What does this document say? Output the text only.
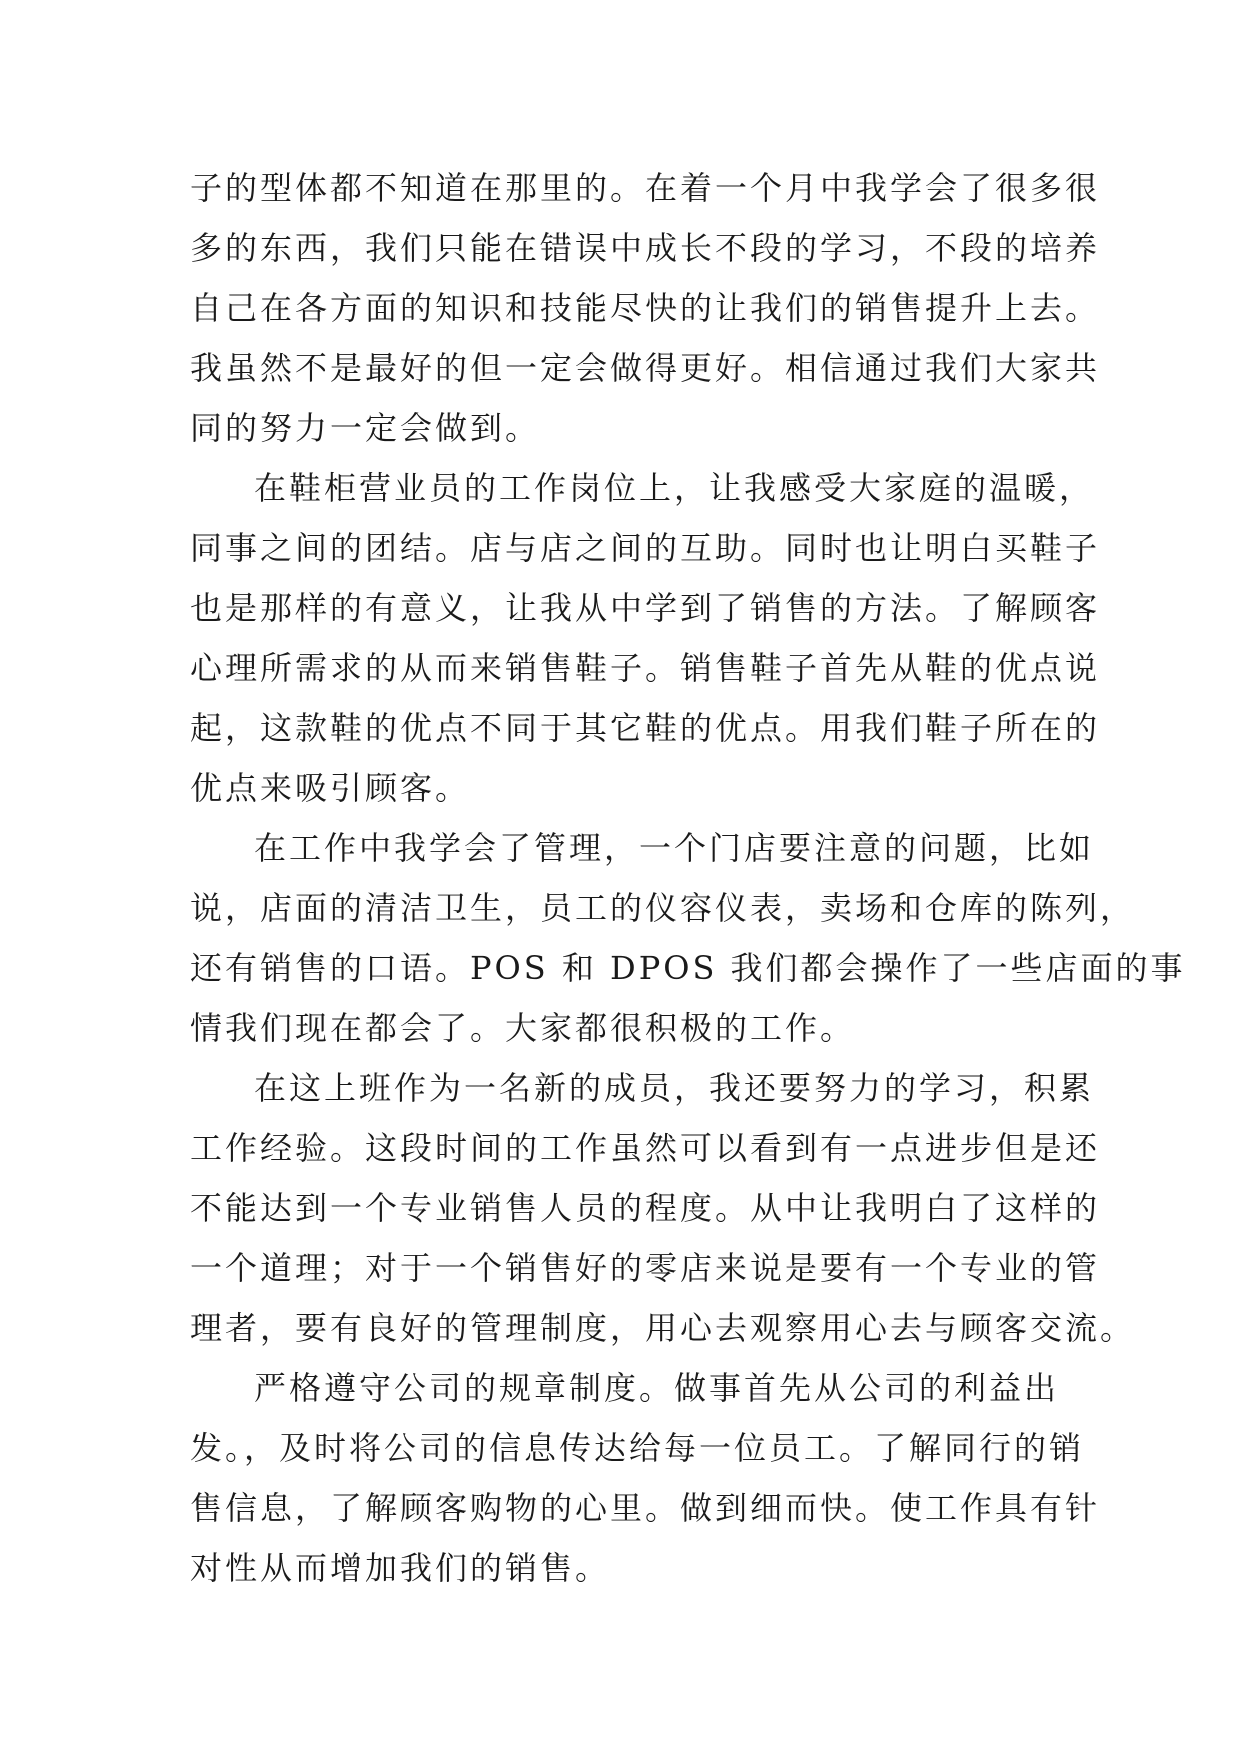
子的型体都不知道在那里的。在着一个月中我学会了很多很
多的东西，我们只能在错误中成长不段的学习，不段的培养
自己在各方面的知识和技能尽快的让我们的销售提升上去。
我虽然不是最好的但一定会做得更好。相信通过我们大家共
同的努力一定会做到。
在鞋柜营业员的工作岗位上，让我感受大家庭的温暖，
同事之间的团结。店与店之间的互助。同时也让明白买鞋子
也是那样的有意义，让我从中学到了销售的方法。了解顾客
心理所需求的从而来销售鞋子。销售鞋子首先从鞋的优点说
起，这款鞋的优点不同于其它鞋的优点。用我们鞋子所在的
优点来吸引顾客。
在工作中我学会了管理，一个门店要注意的问题，比如
说，店面的清洁卫生，员工的仪容仪表，卖场和仓库的陈列，
还有销售的口语。POS 和 DPOS 我们都会操作了一些店面的事
情我们现在都会了。大家都很积极的工作。
在这上班作为一名新的成员，我还要努力的学习，积累
工作经验。这段时间的工作虽然可以看到有一点进步但是还
不能达到一个专业销售人员的程度。从中让我明白了这样的
一个道理；对于一个销售好的零店来说是要有一个专业的管
理者，要有良好的管理制度，用心去观察用心去与顾客交流。
严格遵守公司的规章制度。做事首先从公司的利益出
发。，及时将公司的信息传达给每一位员工。了解同行的销
售信息，了解顾客购物的心里。做到细而快。使工作具有针
对性从而增加我们的销售。
